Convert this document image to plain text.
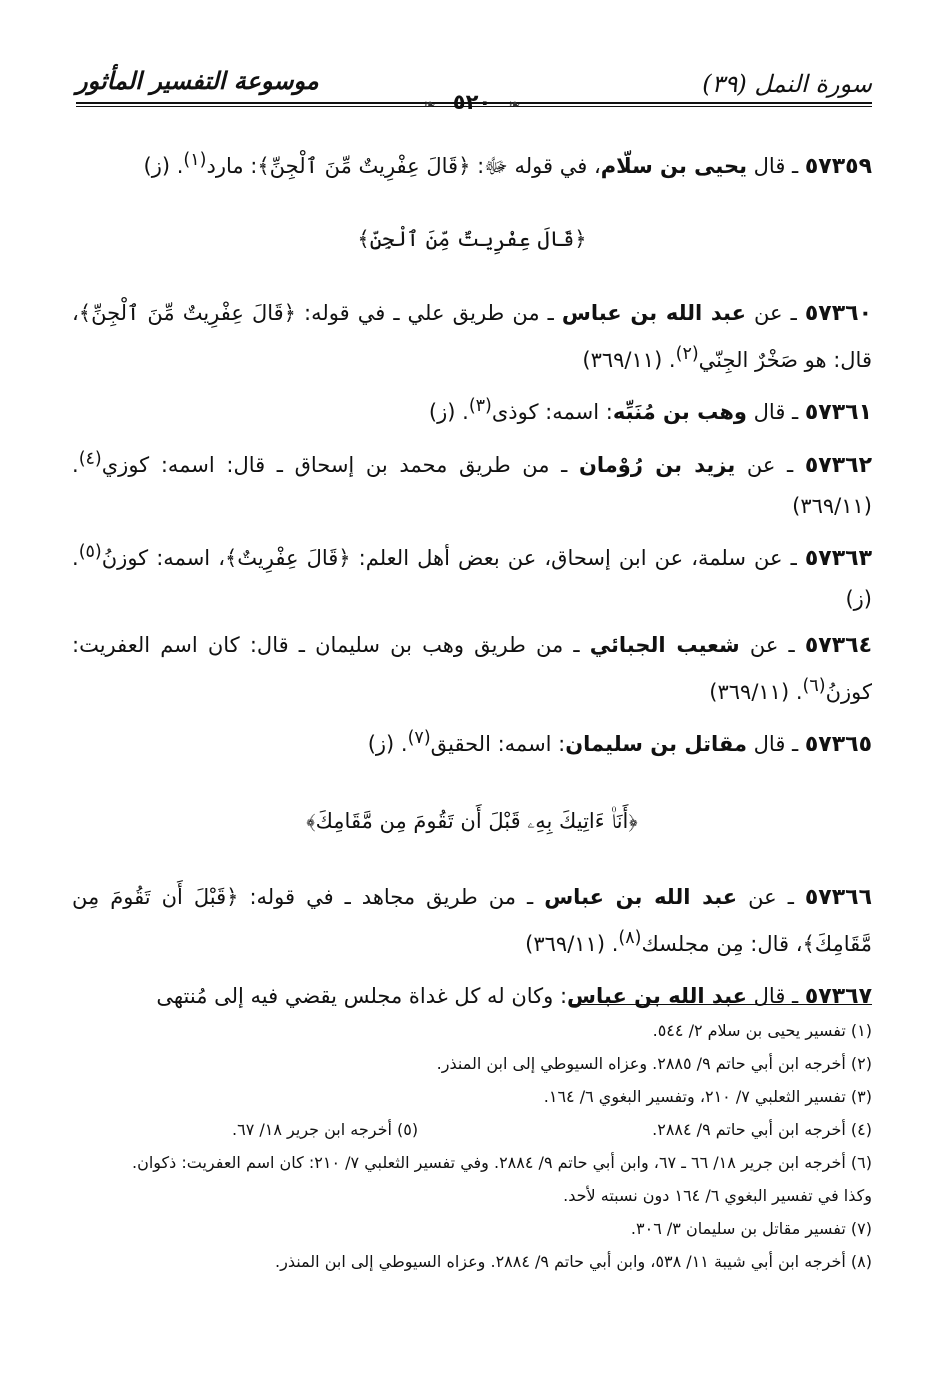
سورة النمل (٣٩)
موسوعة التفسير المأثور
❧ ٥٢٠ ❧

٥٧٣٥٩ ـ قال يحيى بن سلّام، في قوله ﷻ: ﴿قَالَ عِفْرِيتٌ مِّنَ ٱلْجِنِّ﴾: مارد$^{(١)}$. (ز)

﴿قَالَ عِفْرِيتٌ مِّنَ ٱلْجِنِّ﴾

٥٧٣٦٠ ـ عن عبد الله بن عباس ـ من طريق علي ـ في قوله: ﴿قَالَ عِفْرِيتٌ مِّنَ ٱلْجِنِّ﴾، قال: هو صَخْرٌ الجِنّي$^{(٢)}$. (٣٦٩/١١)

٥٧٣٦١ ـ قال وهب بن مُنَبِّه: اسمه: كوذى$^{(٣)}$. (ز)

٥٧٣٦٢ ـ عن يزيد بن رُوْمان ـ من طريق محمد بن إسحاق ـ قال: اسمه: كوزي$^{(٤)}$. (٣٦٩/١١)

٥٧٣٦٣ ـ عن سلمة، عن ابن إسحاق، عن بعض أهل العلم: ﴿قَالَ عِفْرِيتٌ﴾، اسمه: كوزنُ$^{(٥)}$. (ز)

٥٧٣٦٤ ـ عن شعيب الجبائي ـ من طريق وهب بن سليمان ـ قال: كان اسم العفريت: كوزنُ$^{(٦)}$. (٣٦٩/١١)

٥٧٣٦٥ ـ قال مقاتل بن سليمان: اسمه: الحقيق$^{(٧)}$. (ز)

﴿أَنَا۠ ءَاتِيكَ بِهِۦ قَبْلَ أَن تَقُومَ مِن مَّقَامِكَ﴾

٥٧٣٦٦ ـ عن عبد الله بن عباس ـ من طريق مجاهد ـ في قوله: ﴿قَبْلَ أَن تَقُومَ مِن مَّقَامِكَ﴾، قال: مِن مجلسك$^{(٨)}$. (٣٦٩/١١)

٥٧٣٦٧ ـ قال عبد الله بن عباس: وكان له كل غداة مجلس يقضي فيه إلى مُنتهى

(١) تفسير يحيى بن سلام ٢/ ٥٤٤.

(٢) أخرجه ابن أبي حاتم ٩/ ٢٨٨٥. وعزاه السيوطي إلى ابن المنذر.

(٣) تفسير الثعلبي ٧/ ٢١٠، وتفسير البغوي ٦/ ١٦٤.

(٤) أخرجه ابن أبي حاتم ٩/ ٢٨٨٤.
(٥) أخرجه ابن جرير ١٨/ ٦٧.

(٦) أخرجه ابن جرير ١٨/ ٦٦ ـ ٦٧، وابن أبي حاتم ٩/ ٢٨٨٤. وفي تفسير الثعلبي ٧/ ٢١٠: كان اسم العفريت: ذكوان.

وكذا في تفسير البغوي ٦/ ١٦٤ دون نسبته لأحد.

(٧) تفسير مقاتل بن سليمان ٣/ ٣٠٦.

(٨) أخرجه ابن أبي شيبة ١١/ ٥٣٨، وابن أبي حاتم ٩/ ٢٨٨٤. وعزاه السيوطي إلى ابن المنذر.
